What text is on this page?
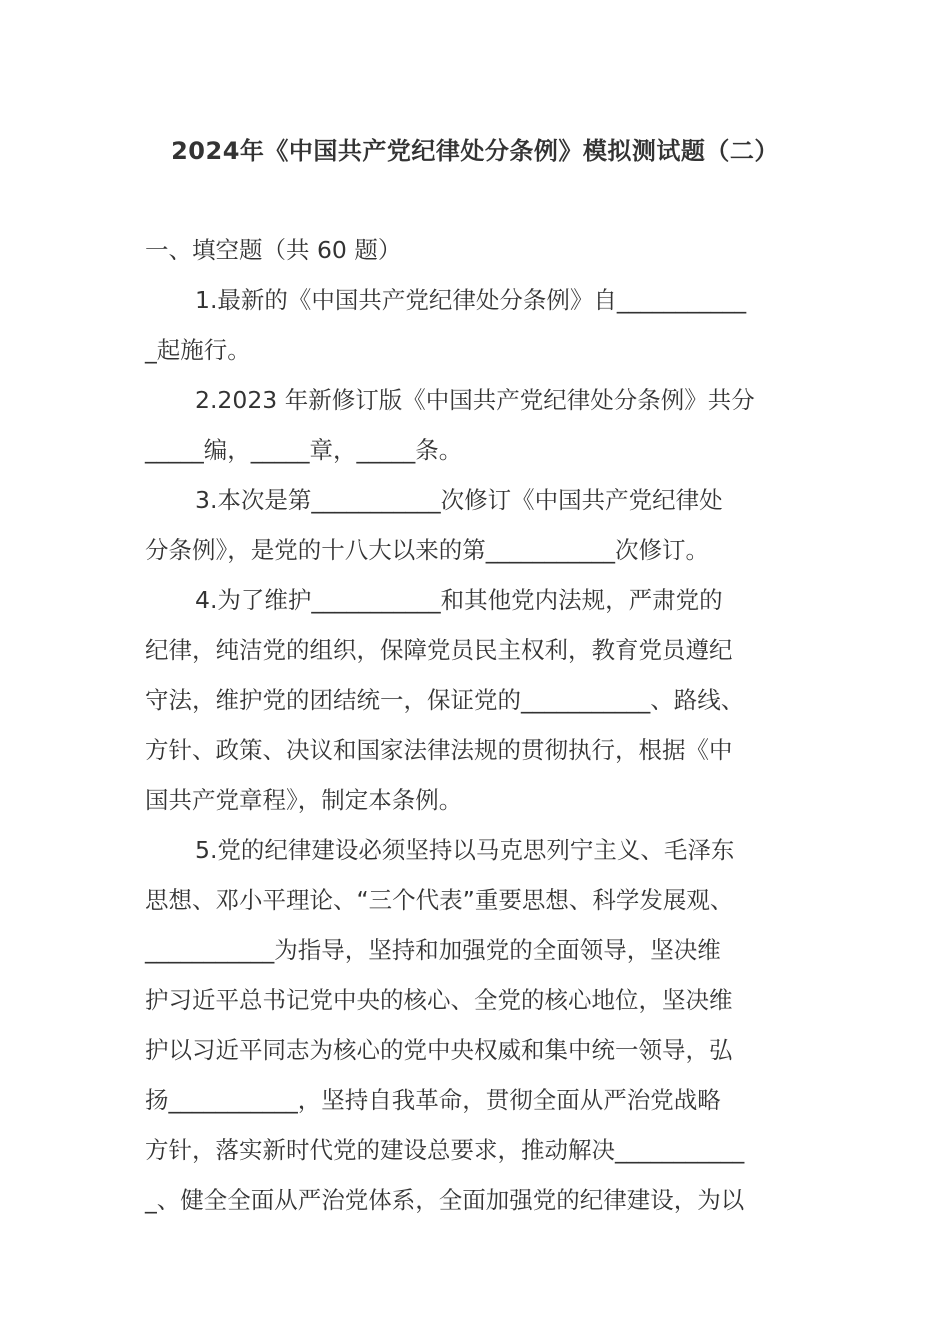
2024年《中国共产党纪律处分条例》模拟测试题（二）
一、填空题（共 60 题）
1.最新的《中国共产党纪律处分条例》自___________
_起施行。
2.2023 年新修订版《中国共产党纪律处分条例》共分
_____编，_____章，_____条。
3.本次是第___________次修订《中国共产党纪律处
分条例》，是党的十八大以来的第___________次修订。
4.为了维护___________和其他党内法规，严肃党的
纪律，纯洁党的组织，保障党员民主权利，教育党员遵纪
守法，维护党的团结统一，保证党的___________、路线、
方针、政策、决议和国家法律法规的贯彻执行，根据《中
国共产党章程》，制定本条例。
5.党的纪律建设必须坚持以马克思列宁主义、毛泽东
思想、邓小平理论、“三个代表”重要思想、科学发展观、
___________为指导，坚持和加强党的全面领导，坚决维
护习近平总书记党中央的核心、全党的核心地位，坚决维
护以习近平同志为核心的党中央权威和集中统一领导，弘
扬___________，坚持自我革命，贯彻全面从严治党战略
方针，落实新时代党的建设总要求，推动解决___________
_、健全全面从严治党体系，全面加强党的纪律建设，为以
